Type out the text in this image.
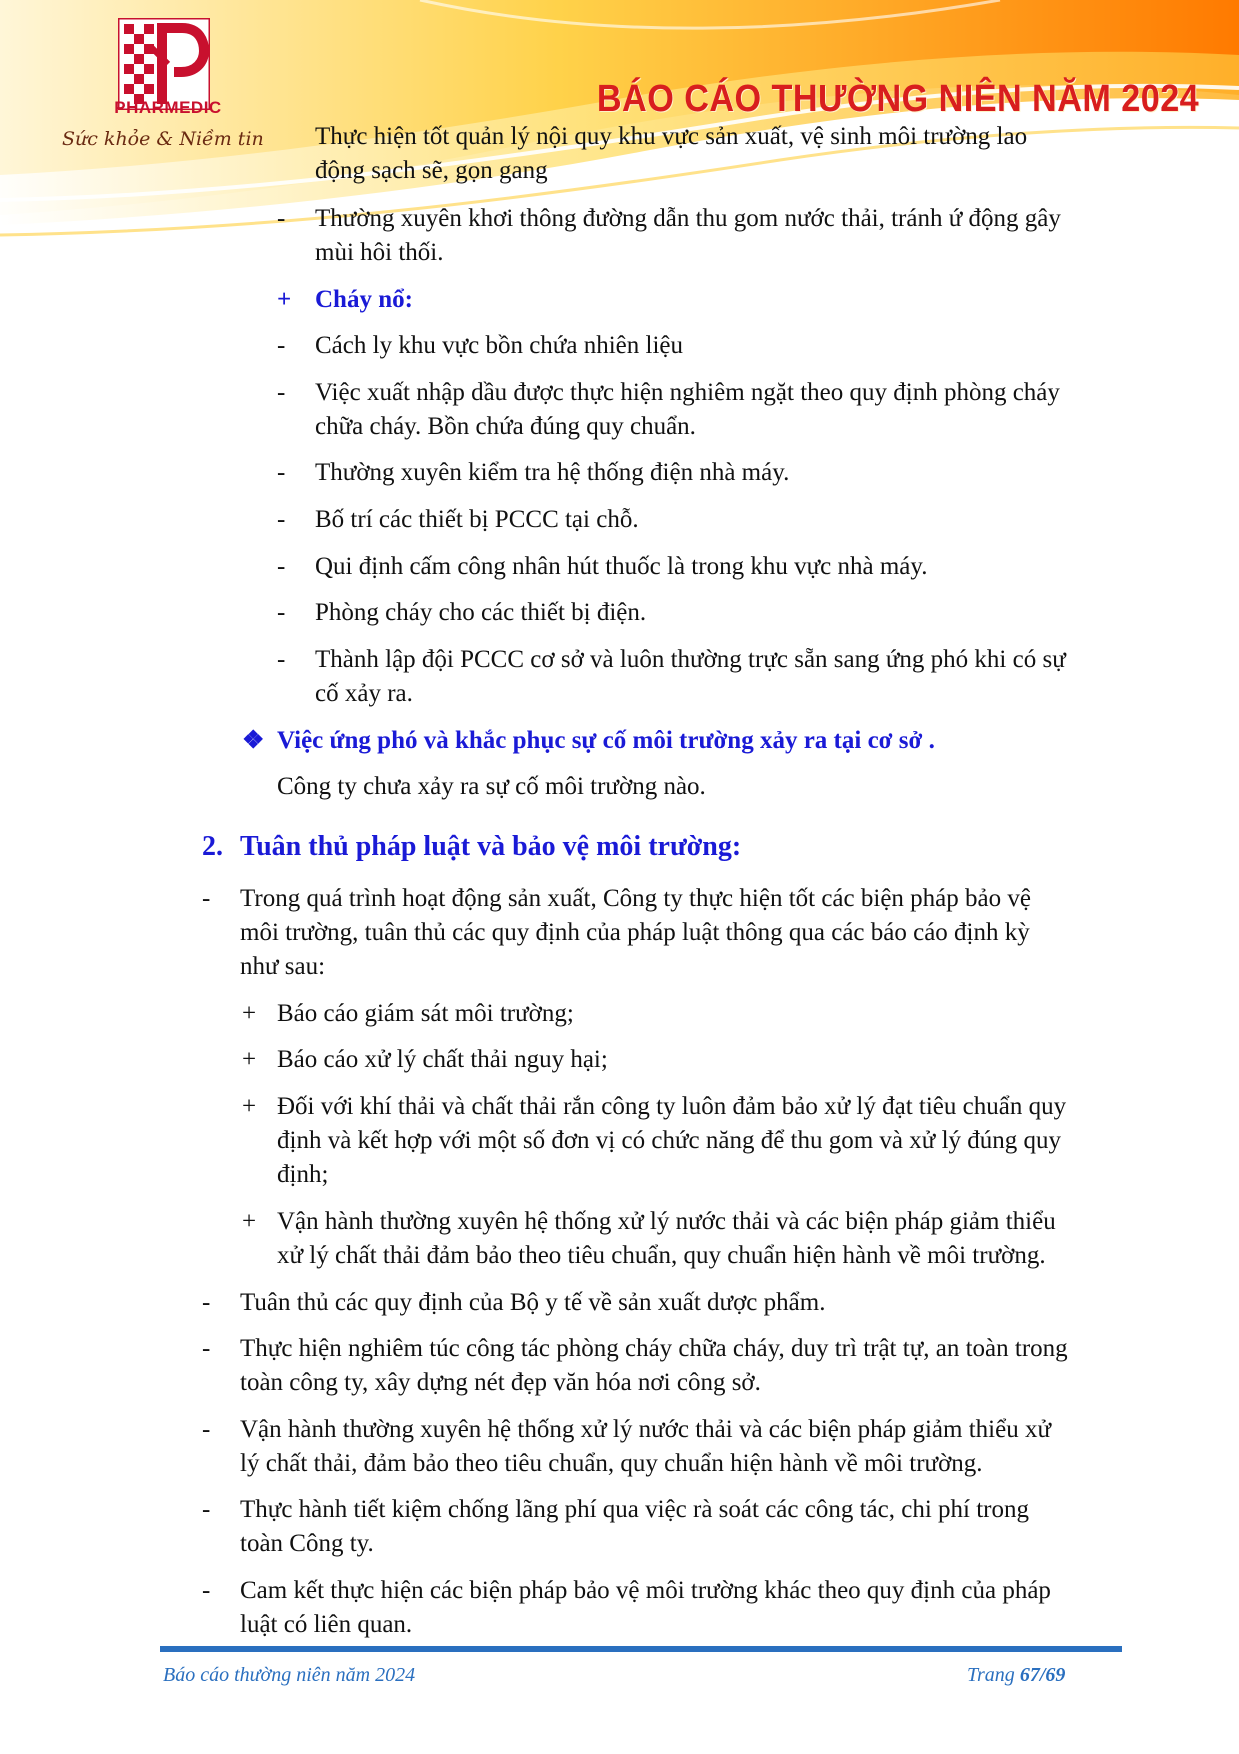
PHARMEDIC
Sức khỏe & Niềm tin
BÁO CÁO THƯỜNG NIÊN NĂM 2024
Thực hiện tốt quản lý nội quy khu vực sản xuất, vệ sinh môi trường lao
động sạch sẽ, gọn gang
- Thường xuyên khơi thông đường dẫn thu gom nước thải, tránh ứ động gây
mùi hôi thối.
+ Cháy nổ:
- Cách ly khu vực bồn chứa nhiên liệu
- Việc xuất nhập dầu được thực hiện nghiêm ngặt theo quy định phòng cháy
chữa cháy. Bồn chứa đúng quy chuẩn.
- Thường xuyên kiểm tra hệ thống điện nhà máy.
- Bố trí các thiết bị PCCC tại chỗ.
- Qui định cấm công nhân hút thuốc là trong khu vực nhà máy.
- Phòng cháy cho các thiết bị điện.
- Thành lập đội PCCC cơ sở và luôn thường trực sẵn sang ứng phó khi có sự
cố xảy ra.
❖ Việc ứng phó và khắc phục sự cố môi trường xảy ra tại cơ sở .
Công ty chưa xảy ra sự cố môi trường nào.
2. Tuân thủ pháp luật và bảo vệ môi trường:
- Trong quá trình hoạt động sản xuất, Công ty thực hiện tốt các biện pháp bảo vệ
môi trường, tuân thủ các quy định của pháp luật thông qua các báo cáo định kỳ
như sau:
+ Báo cáo giám sát môi trường;
+ Báo cáo xử lý chất thải nguy hại;
+ Đối với khí thải và chất thải rắn công ty luôn đảm bảo xử lý đạt tiêu chuẩn quy
định và kết hợp với một số đơn vị có chức năng để thu gom và xử lý đúng quy
định;
+ Vận hành thường xuyên hệ thống xử lý nước thải và các biện pháp giảm thiểu
xử lý chất thải đảm bảo theo tiêu chuẩn, quy chuẩn hiện hành về môi trường.
- Tuân thủ các quy định của Bộ y tế về sản xuất dược phẩm.
- Thực hiện nghiêm túc công tác phòng cháy chữa cháy, duy trì trật tự, an toàn trong
toàn công ty, xây dựng nét đẹp văn hóa nơi công sở.
- Vận hành thường xuyên hệ thống xử lý nước thải và các biện pháp giảm thiểu xử
lý chất thải, đảm bảo theo tiêu chuẩn, quy chuẩn hiện hành về môi trường.
- Thực hành tiết kiệm chống lãng phí qua việc rà soát các công tác, chi phí trong
toàn Công ty.
- Cam kết thực hiện các biện pháp bảo vệ môi trường khác theo quy định của pháp
luật có liên quan.
Báo cáo thường niên năm 2024	Trang 67/69
